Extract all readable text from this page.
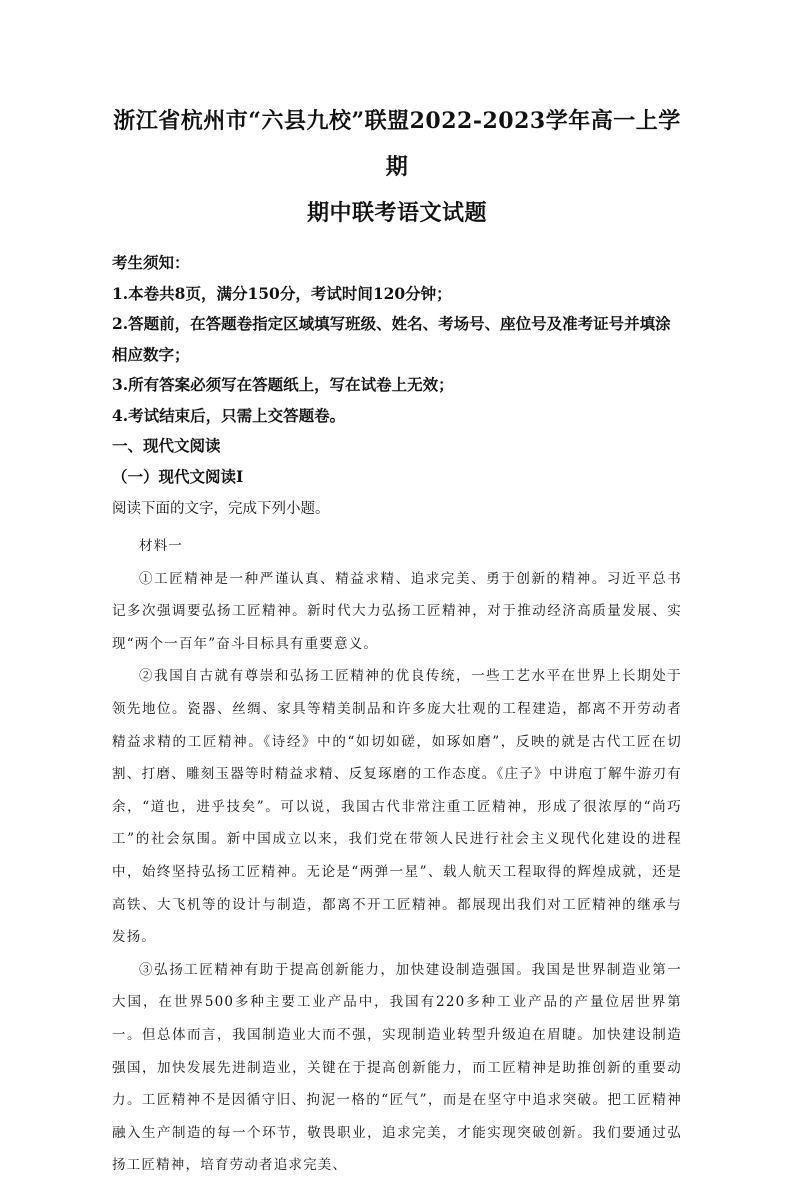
浙江省杭州市“六县九校”联盟2022-2023学年高一上学期
期中联考语文试题

考生须知：

1.本卷共8页，满分150分，考试时间120分钟；

2.答题前，在答题卷指定区域填写班级、姓名、考场号、座位号及准考证号并填涂相应数字；

3.所有答案必须写在答题纸上，写在试卷上无效；

4.考试结束后，只需上交答题卷。

一、现代文阅读

（一）现代文阅读Ⅰ

阅读下面的文字，完成下列小题。

材料一

①工匠精神是一种严谨认真、精益求精、追求完美、勇于创新的精神。习近平总书记多次强调要弘扬工匠精神。新时代大力弘扬工匠精神，对于推动经济高质量发展、实现“两个一百年”奋斗目标具有重要意义。

②我国自古就有尊崇和弘扬工匠精神的优良传统，一些工艺水平在世界上长期处于领先地位。瓷器、丝绸、家具等精美制品和许多庞大壮观的工程建造，都离不开劳动者精益求精的工匠精神。《诗经》中的“如切如磋，如琢如磨”，反映的就是古代工匠在切割、打磨、雕刻玉器等时精益求精、反复琢磨的工作态度。《庄子》中讲庖丁解牛游刃有余，“道也，进乎技矣”。可以说，我国古代非常注重工匠精神，形成了很浓厚的“尚巧工”的社会氛围。新中国成立以来，我们党在带领人民进行社会主义现代化建设的进程中，始终坚持弘扬工匠精神。无论是“两弹一星”、载人航天工程取得的辉煌成就，还是高铁、大飞机等的设计与制造，都离不开工匠精神。都展现出我们对工匠精神的继承与发扬。

③弘扬工匠精神有助于提高创新能力，加快建设制造强国。我国是世界制造业第一大国，在世界500多种主要工业产品中，我国有220多种工业产品的产量位居世界第一。但总体而言，我国制造业大而不强，实现制造业转型升级迫在眉睫。加快建设制造强国，加快发展先进制造业，关键在于提高创新能力，而工匠精神是助推创新的重要动力。工匠精神不是因循守旧、拘泥一格的“匠气”，而是在坚守中追求突破。把工匠精神融入生产制造的每一个环节，敬畏职业，追求完美，才能实现突破创新。我们要通过弘扬工匠精神，培育劳动者追求完美、
